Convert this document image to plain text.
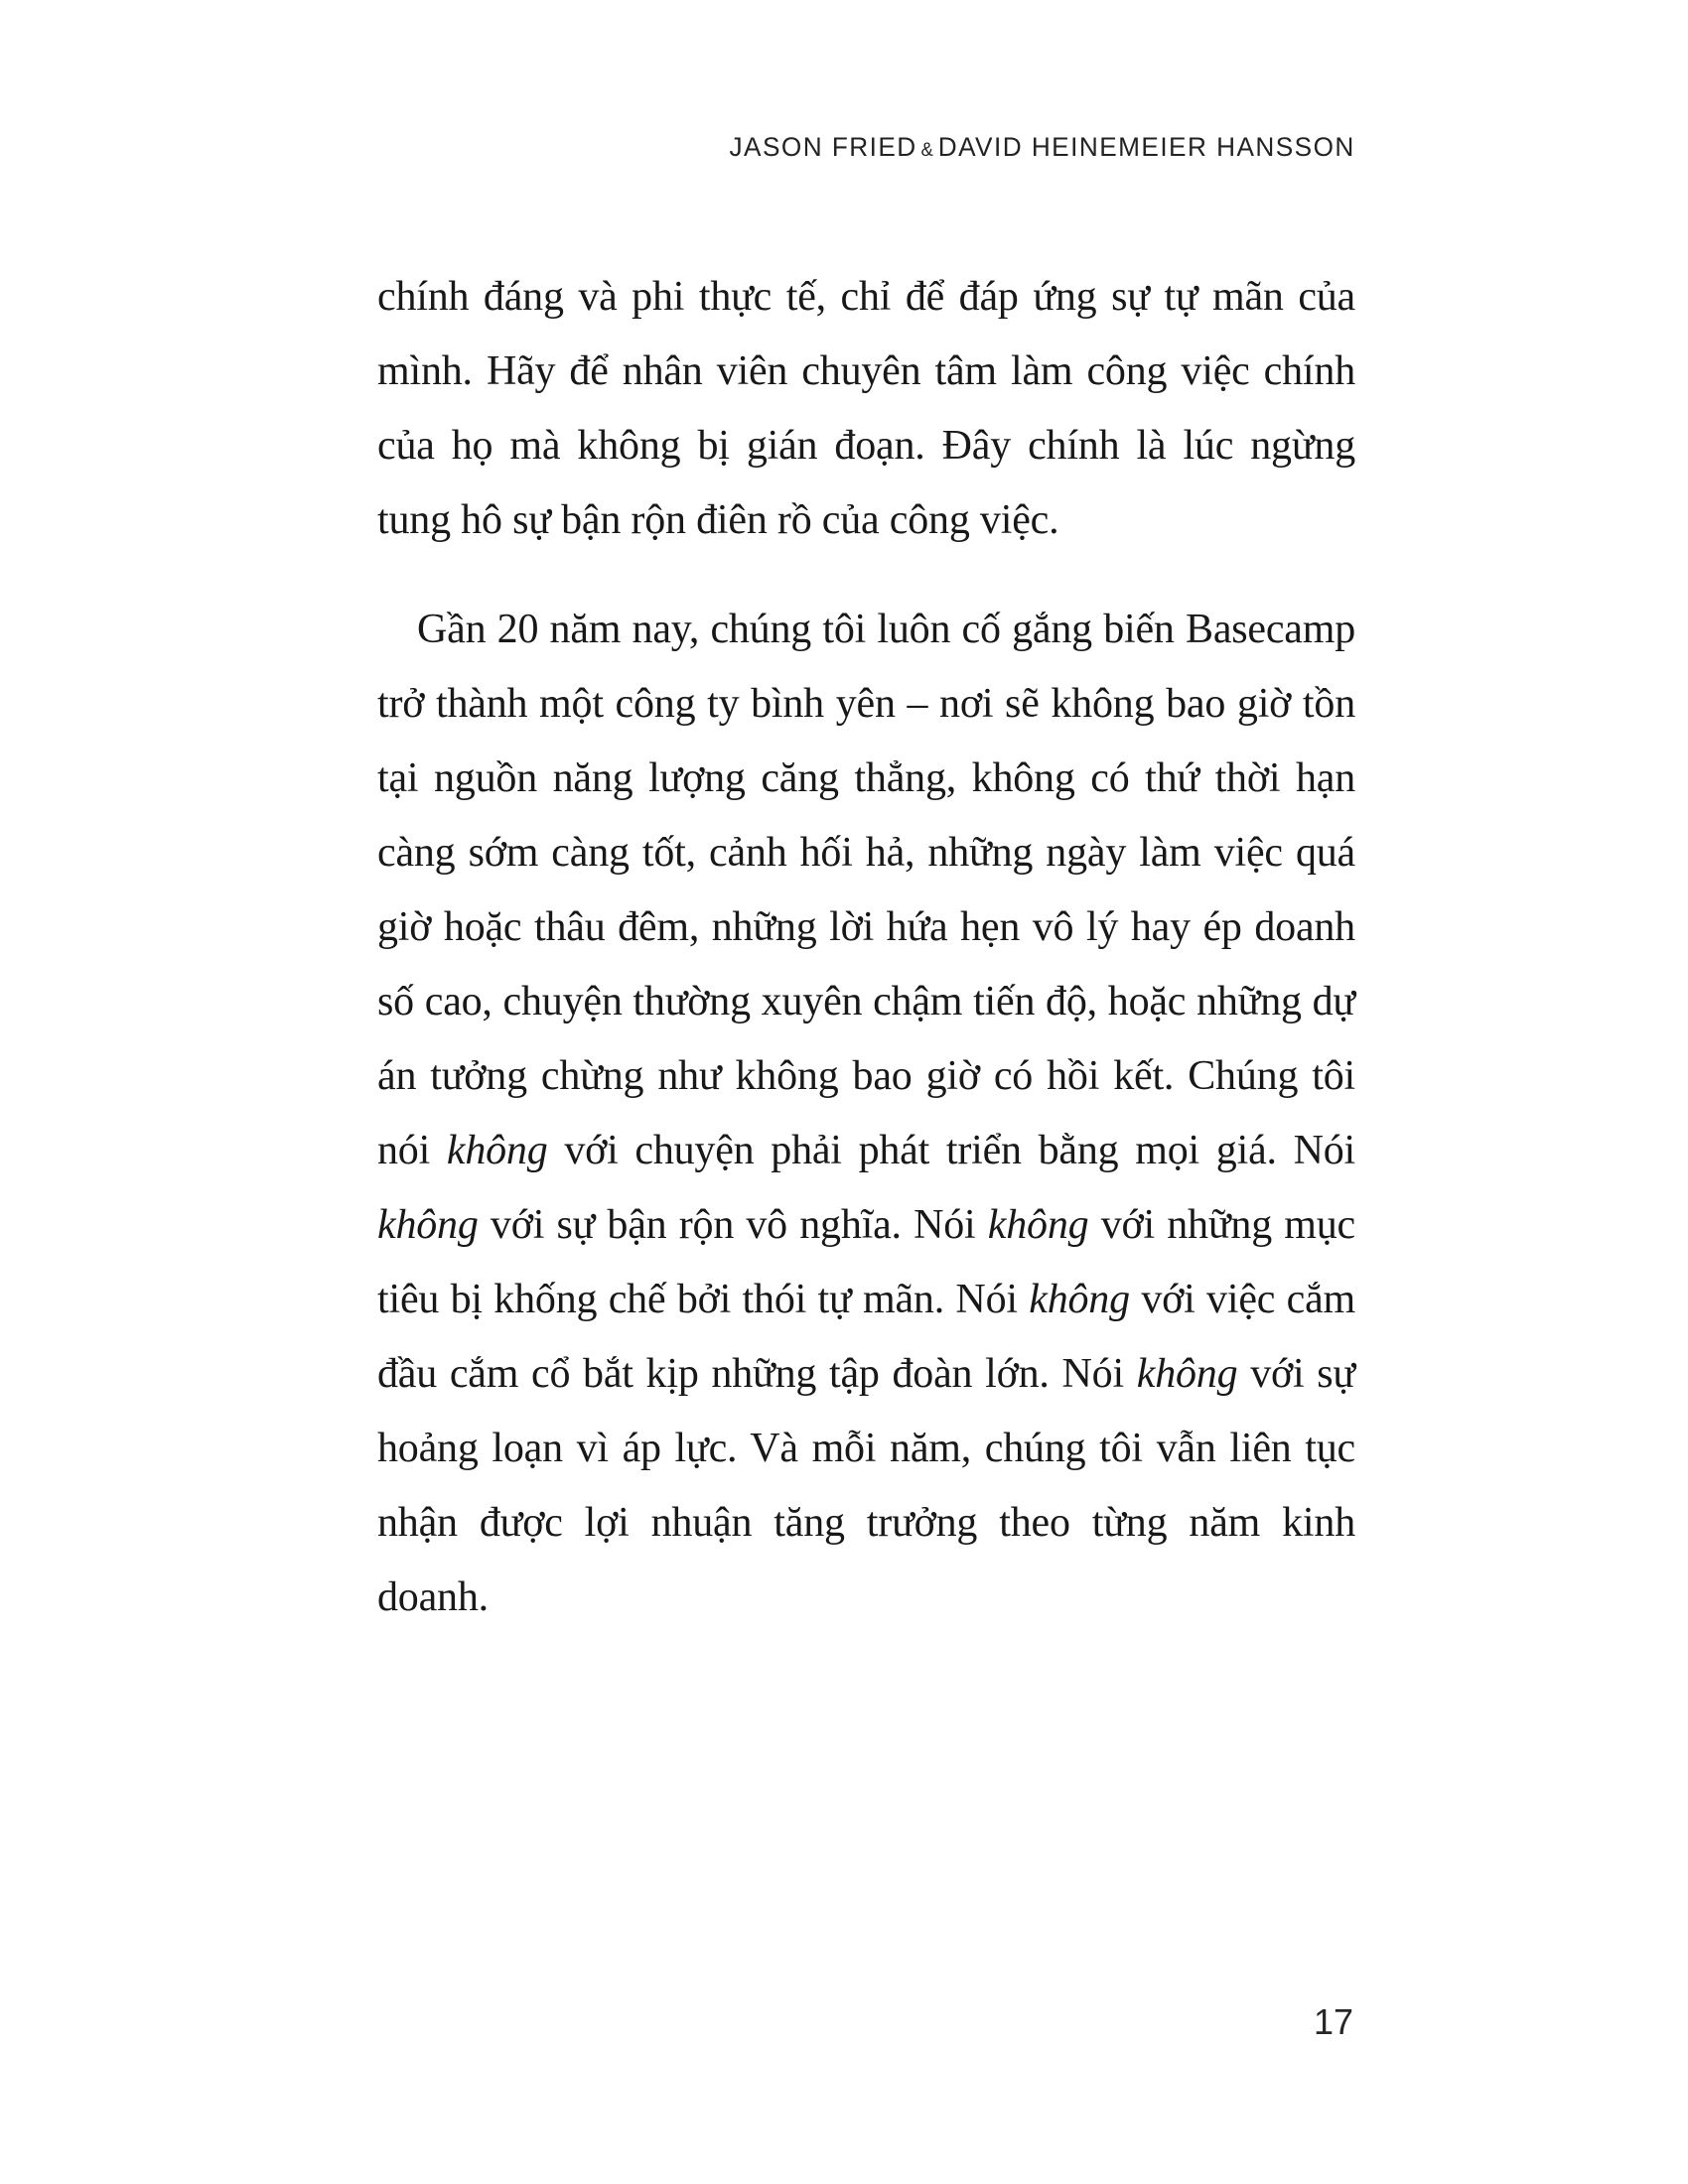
JASON FRIED & DAVID HEINEMEIER HANSSON

chính đáng và phi thực tế, chỉ để đáp ứng sự tự mãn của mình. Hãy để nhân viên chuyên tâm làm công việc chính của họ mà không bị gián đoạn. Đây chính là lúc ngừng tung hô sự bận rộn điên rồ của công việc.

Gần 20 năm nay, chúng tôi luôn cố gắng biến Basecamp trở thành một công ty bình yên – nơi sẽ không bao giờ tồn tại nguồn năng lượng căng thẳng, không có thứ thời hạn càng sớm càng tốt, cảnh hối hả, những ngày làm việc quá giờ hoặc thâu đêm, những lời hứa hẹn vô lý hay ép doanh số cao, chuyện thường xuyên chậm tiến độ, hoặc những dự án tưởng chừng như không bao giờ có hồi kết. Chúng tôi nói không với chuyện phải phát triển bằng mọi giá. Nói không với sự bận rộn vô nghĩa. Nói không với những mục tiêu bị khống chế bởi thói tự mãn. Nói không với việc cắm đầu cắm cổ bắt kịp những tập đoàn lớn. Nói không với sự hoảng loạn vì áp lực. Và mỗi năm, chúng tôi vẫn liên tục nhận được lợi nhuận tăng trưởng theo từng năm kinh doanh.

17
